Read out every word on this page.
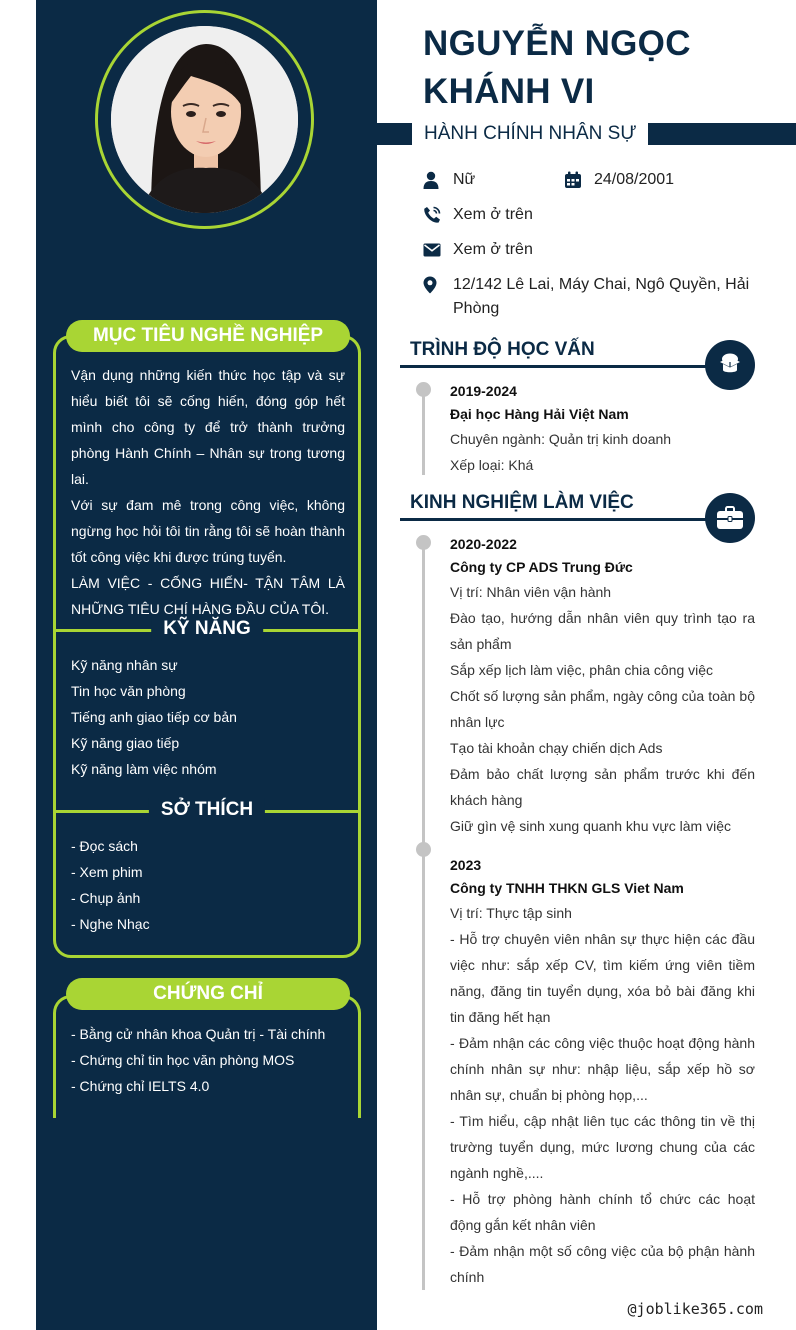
MỤC TIÊU NGHỀ NGHIỆP

Vận dụng những kiến thức học tập và sự hiểu biết tôi sẽ cống hiến, đóng góp hết mình cho công ty để trở thành trưởng phòng Hành Chính – Nhân sự trong tương lai.

Với sự đam mê trong công việc, không ngừng học hỏi tôi tin rằng tôi sẽ hoàn thành tốt công việc khi được trúng tuyển.

LÀM VIỆC - CỐNG HIẾN- TẬN TÂM LÀ NHỮNG TIÊU CHÍ HÀNG ĐẦU CỦA TÔI.

KỸ NĂNG
Kỹ năng nhân sự
Tin học văn phòng
Tiếng anh giao tiếp cơ bản
Kỹ năng giao tiếp
Kỹ năng làm việc nhóm
SỞ THÍCH
- Đọc sách
- Xem phim
- Chụp ảnh
- Nghe Nhạc
CHỨNG CHỈ
- Bằng cử nhân khoa Quản trị - Tài chính
- Chứng chỉ tin học văn phòng MOS
- Chứng chỉ IELTS 4.0
NGUYỄN NGỌC
KHÁNH VI
HÀNH CHÍNH NHÂN SỰ
Nữ	24/08/2001
Xem ở trên
Xem ở trên
12/142 Lê Lai, Máy Chai, Ngô Quyền, Hải Phòng
TRÌNH ĐỘ HỌC VẤN
2019-2024
Đại học Hàng Hải Việt Nam
Chuyên ngành: Quản trị kinh doanh
Xếp loại: Khá
KINH NGHIỆM LÀM VIỆC
2020-2022
Công ty CP ADS Trung Đức
Vị trí: Nhân viên vận hành
Đào tạo, hướng dẫn nhân viên quy trình tạo ra sản phẩm
Sắp xếp lịch làm việc, phân chia công việc
Chốt số lượng sản phẩm, ngày công của toàn bộ nhân lực
Tạo tài khoản chạy chiến dịch Ads
Đảm bảo chất lượng sản phẩm trước khi đến khách hàng
Giữ gìn vệ sinh xung quanh khu vực làm việc
2023
Công ty TNHH THKN GLS Viet Nam
Vị trí: Thực tập sinh
- Hỗ trợ chuyên viên nhân sự thực hiện các đầu việc như: sắp xếp CV, tìm kiếm ứng viên tiềm năng, đăng tin tuyển dụng, xóa bỏ bài đăng khi tin đăng hết hạn
- Đảm nhận các công việc thuộc hoạt động hành chính nhân sự như: nhập liệu, sắp xếp hồ sơ nhân sự, chuẩn bị phòng họp,...
- Tìm hiểu, cập nhật liên tục các thông tin về thị trường tuyển dụng, mức lương chung của các ngành nghề,....
- Hỗ trợ phòng hành chính tổ chức các hoạt động gắn kết nhân viên
- Đảm nhận một số công việc của bộ phận hành chính
@joblike365.com
